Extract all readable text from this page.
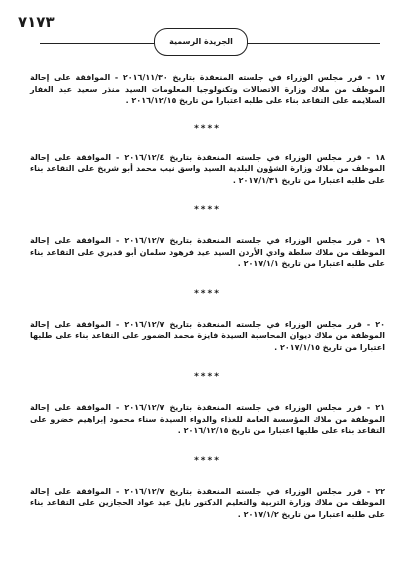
٧١٧٣
الجريدة الرسمية

١٧ - قرر مجلس الوزراء في جلسته المنعقدة بتاريخ ٢٠١٦/١١/٣٠ - الموافقة على إحالة الموظف من ملاك وزارة الاتصالات وتكنولوجيا المعلومات السيد منذر سعيد عبد الغفار السلايمه على التقاعد بناء على طلبه اعتبارا من تاريخ ٢٠١٦/١٢/١٥ .

****

١٨ - قرر مجلس الوزراء في جلسته المنعقدة بتاريخ ٢٠١٦/١٢/٤ - الموافقة على إحالة الموظف من ملاك وزارة الشؤون البلدية السيد واسق نيب محمد أبو شريخ على التقاعد بناء على طلبه اعتبارا من تاريخ ٢٠١٧/١/٣١ .

****

١٩ - قرر مجلس الوزراء في جلسته المنعقدة بتاريخ ٢٠١٦/١٢/٧ - الموافقة على إحالة الموظف من ملاك سلطة وادي الأردن السيد عيد فرهود سلمان أبو قديري على التقاعد بناء على طلبه اعتبارا من تاريخ ٢٠١٧/١/١ .

****

٢٠ - قرر مجلس الوزراء في جلسته المنعقدة بتاريخ ٢٠١٦/١٢/٧ - الموافقة على إحالة الموظفة من ملاك ديوان المحاسبة السيدة فايزة محمد الضمور على التقاعد بناء على طلبها اعتبارا من تاريخ ٢٠١٧/١/١٥ .

****

٢١ - قرر مجلس الوزراء في جلسته المنعقدة بتاريخ ٢٠١٦/١٢/٧ - الموافقة على إحالة الموظفة من ملاك المؤسسة العامة للغذاء والدواء السيدة سناء محمود إبراهيم خضرو على التقاعد بناء على طلبها اعتبارا من تاريخ ٢٠١٦/١٢/١٥ .

****

٢٢ - قرر مجلس الوزراء في جلسته المنعقدة بتاريخ ٢٠١٦/١٢/٧ - الموافقة على إحالة الموظف من ملاك وزارة التربية والتعليم الدكتور نايل عيد عواد الحجازين على التقاعد بناء على طلبه اعتبارا من تاريخ ٢٠١٧/١/٢ .
